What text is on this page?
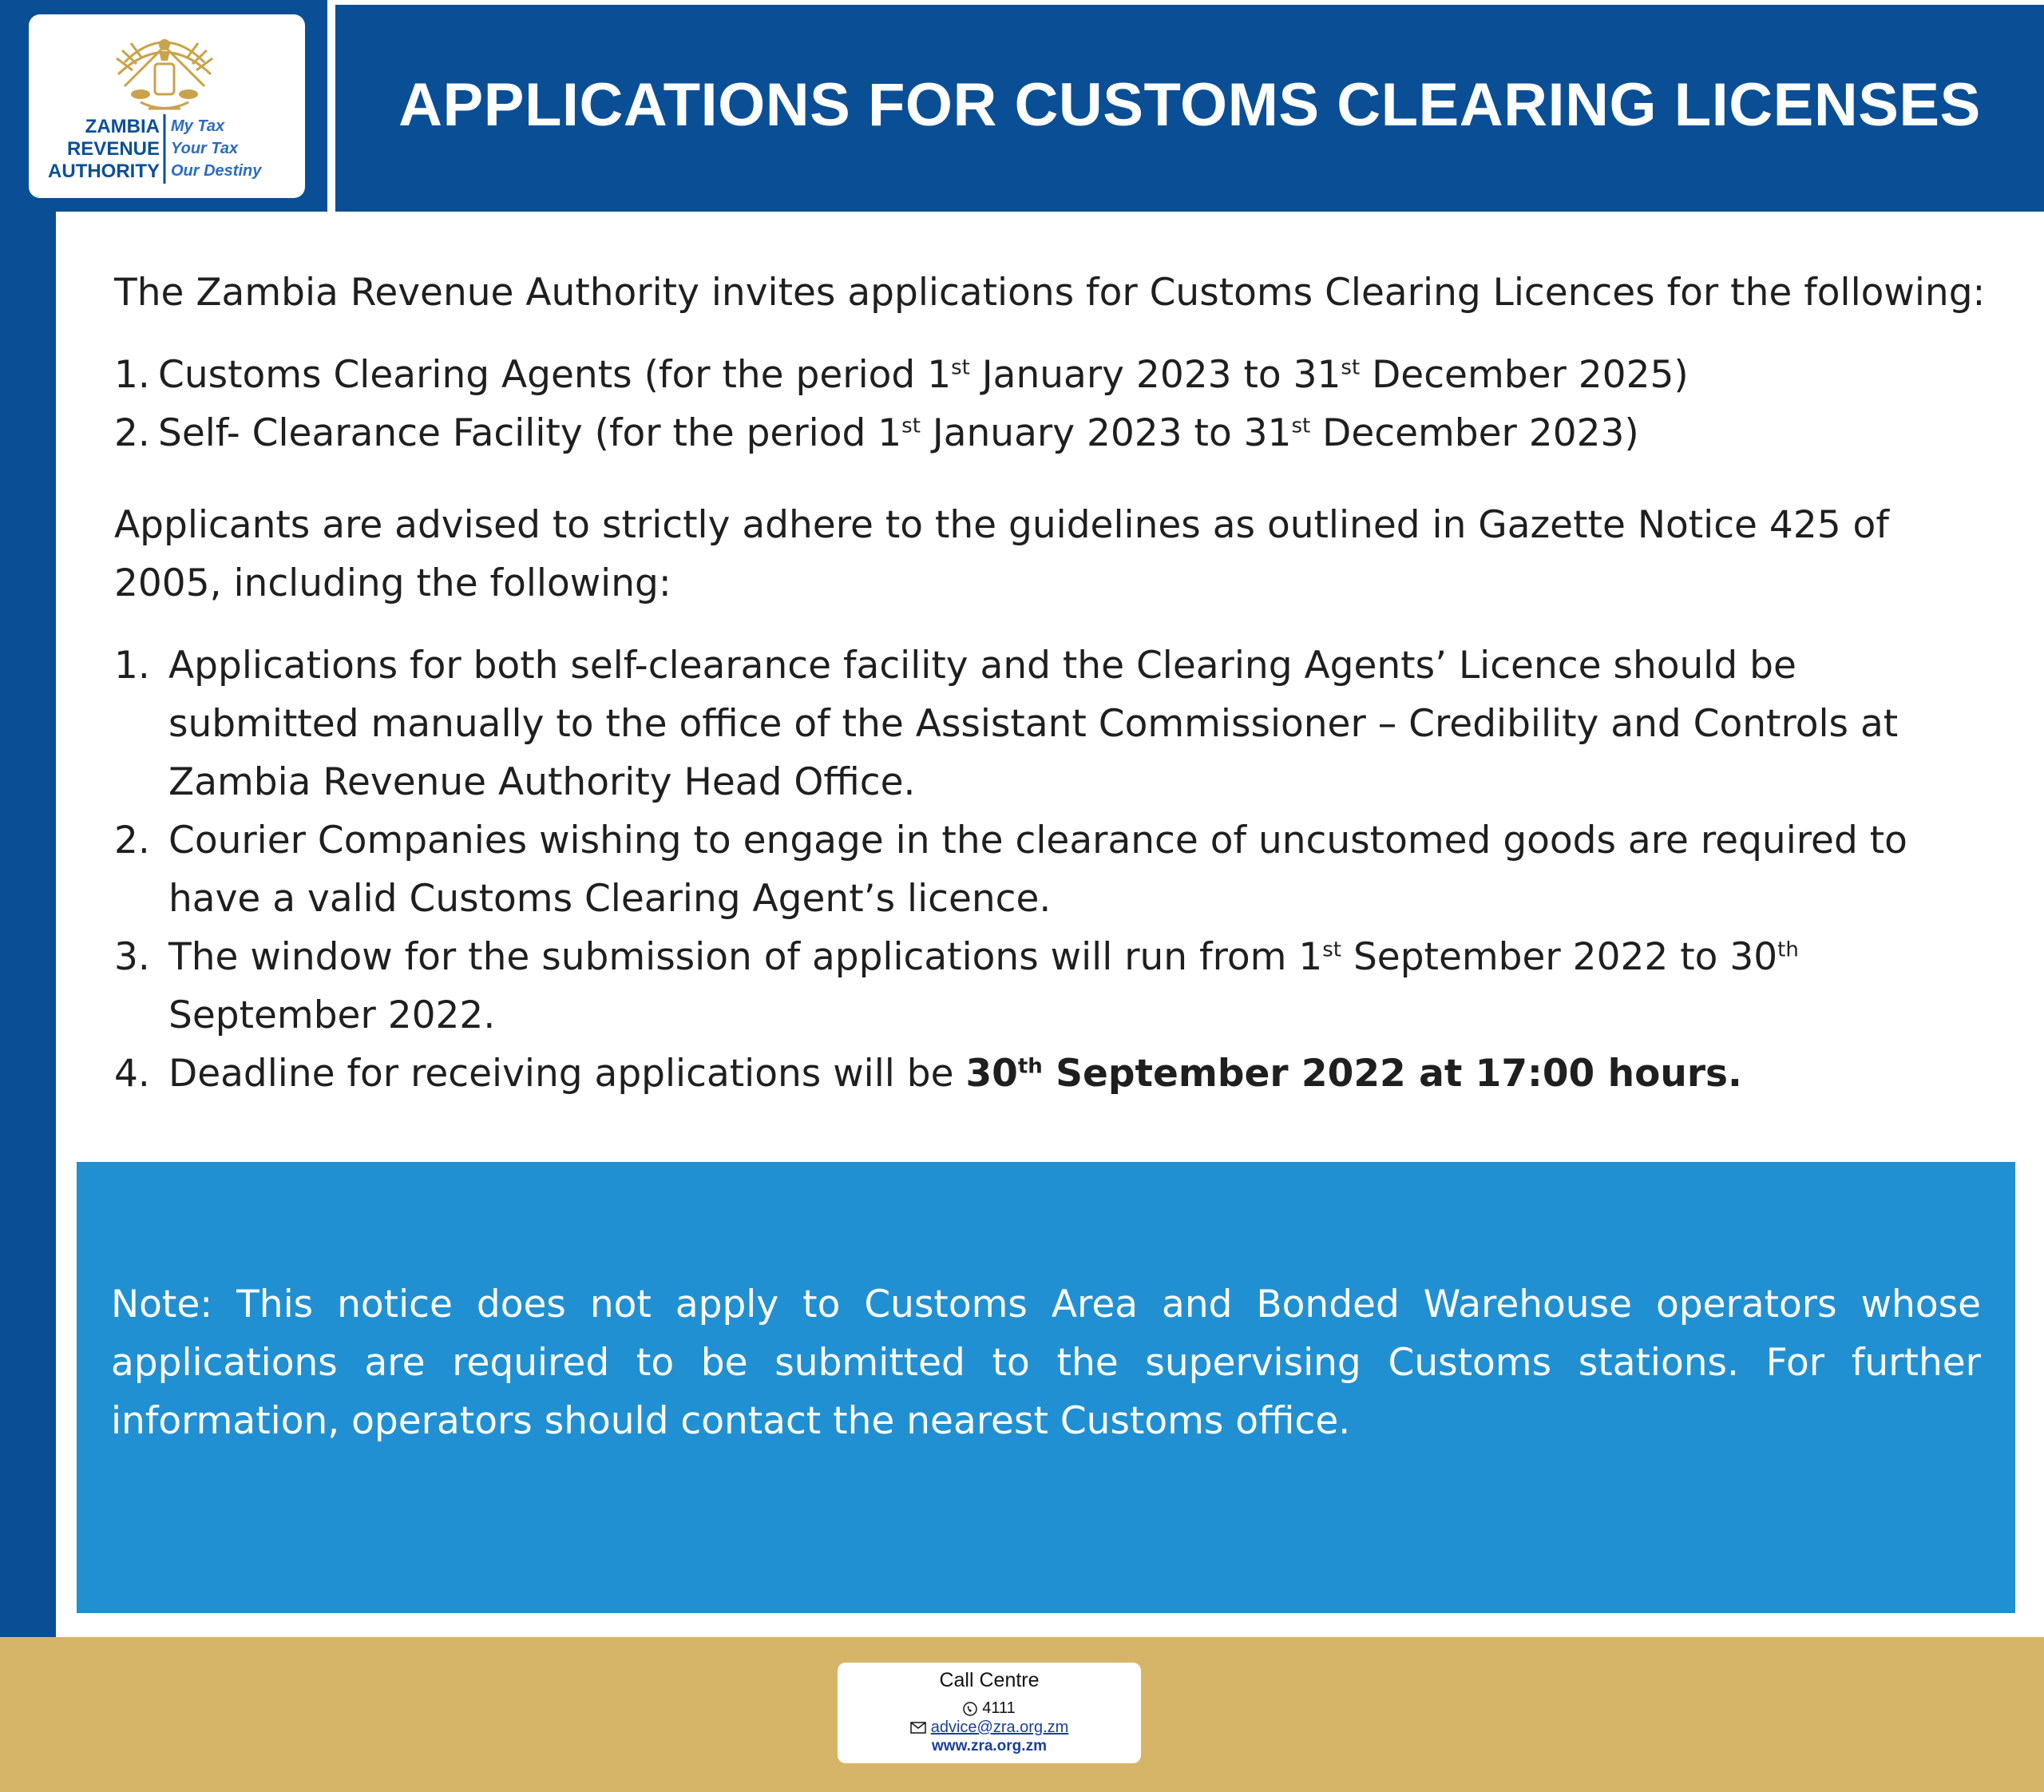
ZAMBIA
REVENUE
AUTHORITY
My Tax
Your Tax
Our Destiny
APPLICATIONS FOR CUSTOMS CLEARING LICENSES

The Zambia Revenue Authority invites applications for Customs Clearing Licences for the following:

1. Customs Clearing Agents (for the period 1st January 2023 to 31st December 2025)
2. Self- Clearance Facility (for the period 1st January 2023 to 31st December 2023)

Applicants are advised to strictly adhere to the guidelines as outlined in Gazette Notice 425 of 2005, including the following:

1. Applications for both self-clearance facility and the Clearing Agents’ Licence should be submitted manually to the office of the Assistant Commissioner – Credibility and Controls at Zambia Revenue Authority Head Office.
2. Courier Companies wishing to engage in the clearance of uncustomed goods are required to have a valid Customs Clearing Agent’s licence.
3. The window for the submission of applications will run from 1st September 2022 to 30th September 2022.
4. Deadline for receiving applications will be 30th September 2022 at 17:00 hours.
Note: This notice does not apply to Customs Area and Bonded Warehouse operators whose applications are required to be submitted to the supervising Customs stations. For further information, operators should contact the nearest Customs office.
Call Centre
4111
advice@zra.org.zm
www.zra.org.zm
